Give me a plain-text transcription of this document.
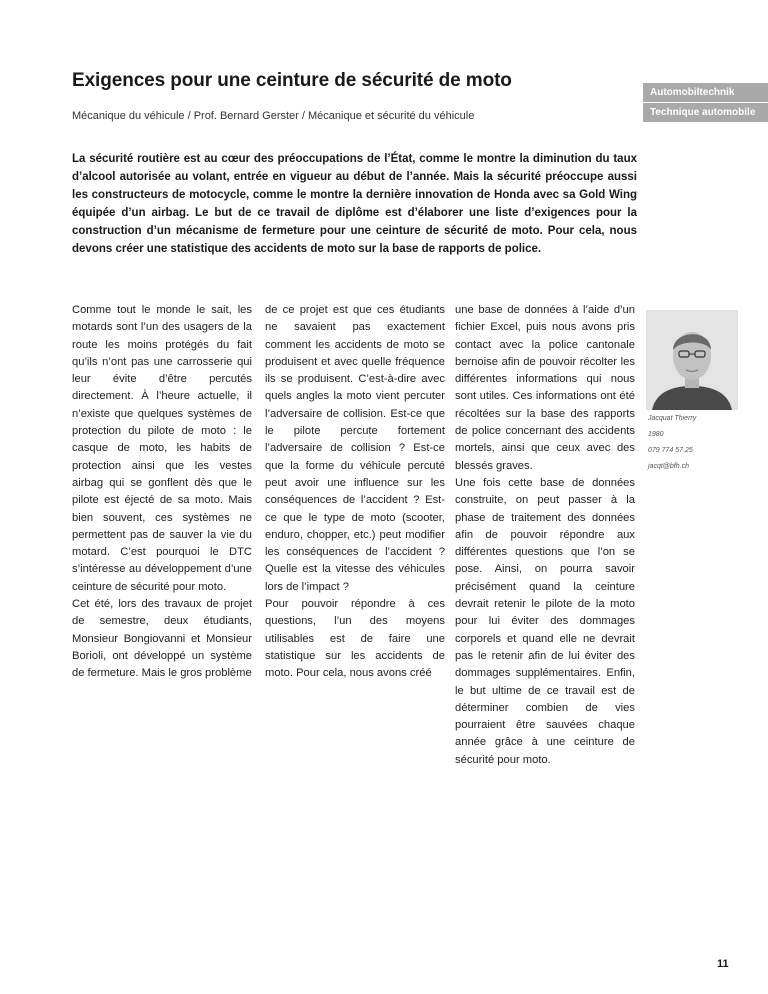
Exigences pour une ceinture de sécurité de moto
Mécanique du véhicule / Prof. Bernard Gerster / Mécanique et sécurité du véhicule
Automobiltechnik
Technique automobile

La sécurité routière est au cœur des préoccupations de l’État, comme le montre la diminution du taux d’alcool autorisée au volant, entrée en vigueur au début de l’année. Mais la sécurité préoccupe aussi les constructeurs de motocycle, comme le montre la dernière innovation de Honda avec sa Gold Wing équipée d’un airbag. Le but de ce travail de diplôme est d’élaborer une liste d’exigences pour la construction d’un mécanisme de fermeture pour une ceinture de sécurité de moto. Pour cela, nous devons créer une statistique des accidents de moto sur la base de rapports de police.

Comme tout le monde le sait, les motards sont l’un des usagers de la route les moins protégés du fait qu’ils n’ont pas une carrosserie qui leur évite d’être percutés directement. À l’heure actuelle, il n’existe que quelques systèmes de protection du pilote de moto : le casque de moto, les habits de protection ainsi que les vestes airbag qui se gonflent dès que le pilote est éjecté de sa moto. Mais bien souvent, ces systèmes ne permettent pas de sauver la vie du motard. C’est pourquoi le DTC s’intéresse au développement d’une ceinture de sécurité pour moto.

Cet été, lors des travaux de projet de semestre, deux étudiants, Monsieur Bongiovanni et Monsieur Borioli, ont développé un système de fermeture. Mais le gros problème

de ce projet est que ces étudiants ne savaient pas exactement comment les accidents de moto se produisent et avec quelle fréquence ils se produisent. C’est-à-dire avec quels angles la moto vient percuter l’adversaire de collision. Est-ce que le pilote percute fortement l’adversaire de collision ? Est-ce que la forme du véhicule percuté peut avoir une influence sur les conséquences de l’accident ? Est-ce que le type de moto (scooter, enduro, chopper, etc.) peut modifier les conséquences de l’accident ? Quelle est la vitesse des véhicules lors de l’impact ?

Pour pouvoir répondre à ces questions, l’un des moyens utilisables est de faire une statistique sur les accidents de moto. Pour cela, nous avons créé

une base de données à l’aide d’un fichier Excel, puis nous avons pris contact avec la police cantonale bernoise afin de pouvoir récolter les différentes informations qui nous sont utiles. Ces informations ont été récoltées sur la base des rapports de police concernant des accidents mortels, ainsi que ceux avec des blessés graves.

Une fois cette base de données construite, on peut passer à la phase de traitement des données afin de pouvoir répondre aux différentes questions que l’on se pose. Ainsi, on pourra savoir précisément quand la ceinture devrait retenir le pilote de la moto pour lui éviter des dommages corporels et quand elle ne devrait pas le retenir afin de lui éviter des dommages supplémentaires. Enfin, le but ultime de ce travail est de déterminer combien de vies pourraient être sauvées chaque année grâce à une ceinture de sécurité pour moto.

Jacquat Thierry
1980
079 774 57 25
jacqt@bfh.ch
11
